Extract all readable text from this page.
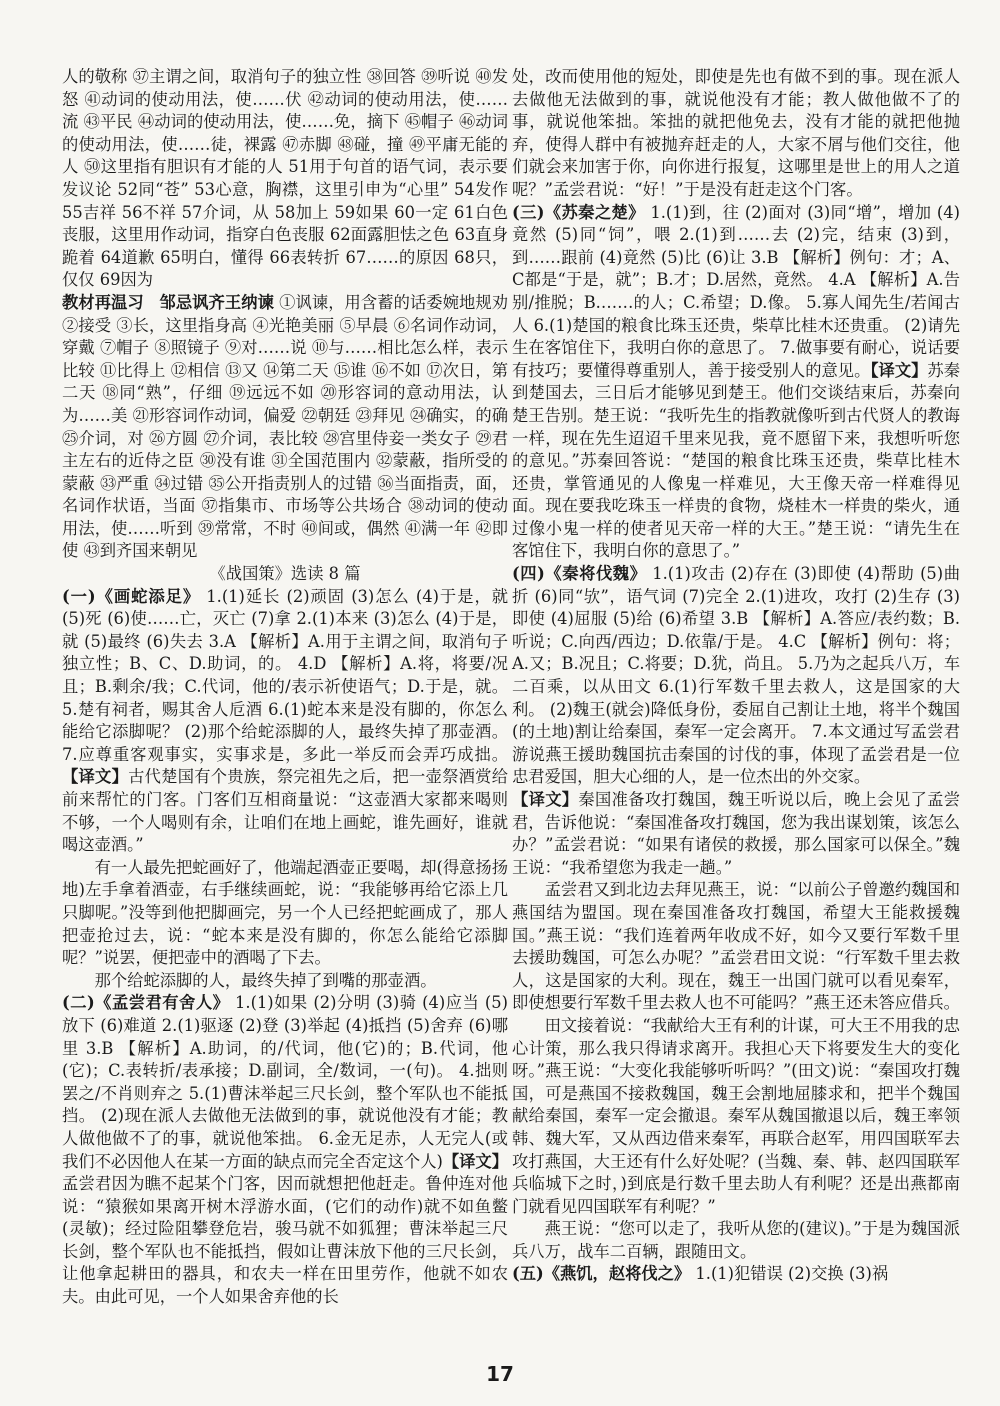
人的敬称 ㊲主谓之间，取消句子的独立性 ㊳回答 ㊴听说 ㊵发怒 ㊶动词的使动用法，使……伏 ㊷动词的使动用法，使……流 ㊸平民 ㊹动词的使动用法，使……免，摘下 ㊺帽子 ㊻动词的使动用法，使……徒，裸露 ㊼赤脚 ㊽碰，撞 ㊾平庸无能的人 ㊿这里指有胆识有才能的人 51用于句首的语气词，表示要发议论 52同“苍” 53心意，胸襟，这里引申为“心里” 54发作 55吉祥 56不祥 57介词，从 58加上 59如果 60一定 61白色丧服，这里用作动词，指穿白色丧服 62面露胆怯之色 63直身跪着 64道歉 65明白，懂得 66表转折 67……的原因 68只，仅仅 69因为

教材再温习 邹忌讽齐王纳谏 ①讽谏，用含蓄的话委婉地规劝 ②接受 ③长，这里指身高 ④光艳美丽 ⑤早晨 ⑥名词作动词，穿戴 ⑦帽子 ⑧照镜子 ⑨对……说 ⑩与……相比怎么样，表示比较 ⑪比得上 ⑫相信 ⑬又 ⑭第二天 ⑮谁 ⑯不如 ⑰次日，第二天 ⑱同“熟”，仔细 ⑲远远不如 ⑳形容词的意动用法，认为……美 ㉑形容词作动词，偏爱 ㉒朝廷 ㉓拜见 ㉔确实，的确 ㉕介词，对 ㉖方圆 ㉗介词，表比较 ㉘宫里侍妾一类女子 ㉙君主左右的近侍之臣 ㉚没有谁 ㉛全国范围内 ㉜蒙蔽，指所受的蒙蔽 ㉝严重 ㉞过错 ㉟公开指责别人的过错 ㊱当面指责，面，名词作状语，当面 ㊲指集市、市场等公共场合 ㊳动词的使动用法，使……听到 ㊴常常，不时 ㊵间或，偶然 ㊶满一年 ㊷即使 ㊸到齐国来朝见

《战国策》选读 8 篇

(一)《画蛇添足》 1.(1)延长 (2)顽固 (3)怎么 (4)于是，就 (5)死 (6)使……亡，灭亡 (7)拿 2.(1)本来 (3)怎么 (4)于是，就 (5)最终 (6)失去 3.A 【解析】A.用于主谓之间，取消句子独立性；B、C、D.助词，的。 4.D 【解析】A.将，将要/况且；B.剩余/我；C.代词，他的/表示祈使语气；D.于是，就。 5.楚有祠者，赐其舍人卮酒 6.(1)蛇本来是没有脚的，你怎么能给它添脚呢？ (2)那个给蛇添脚的人，最终失掉了那壶酒。 7.应尊重客观事实，实事求是，多此一举反而会弄巧成拙。【译文】古代楚国有个贵族，祭完祖先之后，把一壶祭酒赏给前来帮忙的门客。门客们互相商量说：“这壶酒大家都来喝则不够，一个人喝则有余，让咱们在地上画蛇，谁先画好，谁就喝这壶酒。”

有一人最先把蛇画好了，他端起酒壶正要喝，却(得意扬扬地)左手拿着酒壶，右手继续画蛇，说：“我能够再给它添上几只脚呢。”没等到他把脚画完，另一个人已经把蛇画成了，那人把壶抢过去，说：“蛇本来是没有脚的，你怎么能给它添脚呢？”说罢，便把壶中的酒喝了下去。

那个给蛇添脚的人，最终失掉了到嘴的那壶酒。

(二)《孟尝君有舍人》 1.(1)如果 (2)分明 (3)骑 (4)应当 (5)放下 (6)难道 2.(1)驱逐 (2)登 (3)举起 (4)抵挡 (5)舍弃 (6)哪里 3.B 【解析】A.助词，的/代词，他(它)的；B.代词，他(它)；C.表转折/表承接；D.副词，全/数词，一(句)。 4.拙则罢之/不肖则弃之 5.(1)曹沫举起三尺长剑，整个军队也不能抵挡。 (2)现在派人去做他无法做到的事，就说他没有才能；教人做他做不了的事，就说他笨拙。 6.金无足赤，人无完人(或我们不必因他人在某一方面的缺点而完全否定这个人)【译文】孟尝君因为瞧不起某个门客，因而就想把他赶走。鲁仲连对他说：“猿猴如果离开树木浮游水面，(它们的动作)就不如鱼鳖(灵敏)；经过险阻攀登危岩，骏马就不如狐狸；曹沫举起三尺长剑，整个军队也不能抵挡，假如让曹沫放下他的三尺长剑，让他拿起耕田的器具，和农夫一样在田里劳作，他就不如农夫。由此可见，一个人如果舍弃他的长

处，改而使用他的短处，即使是先也有做不到的事。现在派人去做他无法做到的事，就说他没有才能；教人做他做不了的事，就说他笨拙。笨拙的就把他免去，没有才能的就把他抛弃，使得人群中有被抛弃赶走的人，大家不屑与他们交往，他们就会来加害于你，向你进行报复，这哪里是世上的用人之道呢？”孟尝君说：“好！”于是没有赶走这个门客。

(三)《苏秦之楚》 1.(1)到，往 (2)面对 (3)同“增”，增加 (4)竟然 (5)同“饲”，喂 2.(1)到……去 (2)完，结束 (3)到，到……跟前 (4)竟然 (5)比 (6)让 3.B 【解析】例句：才；A、C都是“于是，就”；B.才；D.居然，竟然。 4.A 【解析】A.告别/推脱；B.……的人；C.希望；D.像。 5.寡人闻先生/若闻古人 6.(1)楚国的粮食比珠玉还贵，柴草比桂木还贵重。 (2)请先生在客馆住下，我明白你的意思了。 7.做事要有耐心，说话要有技巧；要懂得尊重别人，善于接受别人的意见。【译文】苏秦到楚国去，三日后才能够见到楚王。他们交谈结束后，苏秦向楚王告别。楚王说：“我听先生的指教就像听到古代贤人的教诲一样，现在先生迢迢千里来见我，竟不愿留下来，我想听听您的意见。”苏秦回答说：“楚国的粮食比珠玉还贵，柴草比桂木还贵，掌管通见的人像鬼一样难见，大王像天帝一样难得见面。现在要我吃珠玉一样贵的食物，烧桂木一样贵的柴火，通过像小鬼一样的使者见天帝一样的大王。”楚王说：“请先生在客馆住下，我明白你的意思了。”

(四)《秦将伐魏》 1.(1)攻击 (2)存在 (3)即使 (4)帮助 (5)曲折 (6)同“欤”，语气词 (7)完全 2.(1)进攻，攻打 (2)生存 (3)即使 (4)屈服 (5)给 (6)希望 3.B 【解析】A.答应/表约数；B.听说；C.向西/西边；D.依靠/于是。 4.C 【解析】例句：将；A.又；B.况且；C.将要；D.犹，尚且。 5.乃为之起兵八万，车二百乘，以从田文 6.(1)行军数千里去救人，这是国家的大利。 (2)魏王(就会)降低身份，委屈自己割让土地，将半个魏国(的土地)割让给秦国，秦军一定会离开。 7.本文通过写孟尝君游说燕王援助魏国抗击秦国的讨伐的事，体现了孟尝君是一位忠君爱国，胆大心细的人，是一位杰出的外交家。

【译文】秦国准备攻打魏国，魏王听说以后，晚上会见了孟尝君，告诉他说：“秦国准备攻打魏国，您为我出谋划策，该怎么办？”孟尝君说：“如果有诸侯的救援，那么国家可以保全。”魏王说：“我希望您为我走一趟。”

孟尝君又到北边去拜见燕王，说：“以前公子曾邀约魏国和燕国结为盟国。现在秦国准备攻打魏国，希望大王能救援魏国。”燕王说：“我们连着两年收成不好，如今又要行军数千里去援助魏国，可怎么办呢？”孟尝君田文说：“行军数千里去救人，这是国家的大利。现在，魏王一出国门就可以看见秦军，即使想要行军数千里去救人也不可能吗？”燕王还未答应借兵。

田文接着说：“我献给大王有利的计谋，可大王不用我的忠心计策，那么我只得请求离开。我担心天下将要发生大的变化呀。”燕王说：“大变化我能够听听吗？”(田文)说：“秦国攻打魏国，可是燕国不接救魏国，魏王会割地屈膝求和，把半个魏国献给秦国，秦军一定会撤退。秦军从魏国撤退以后，魏王率领韩、魏大军，又从西边借来秦军，再联合赵军，用四国联军去攻打燕国，大王还有什么好处呢？(当魏、秦、韩、赵四国联军兵临城下之时，)到底是行数千里去助人有利呢？还是出燕都南门就看见四国联军有利呢？”

燕王说：“您可以走了，我听从您的(建议)。”于是为魏国派兵八万，战车二百辆，跟随田文。

(五)《燕饥，赵将伐之》 1.(1)犯错误 (2)交换 (3)祸

17
